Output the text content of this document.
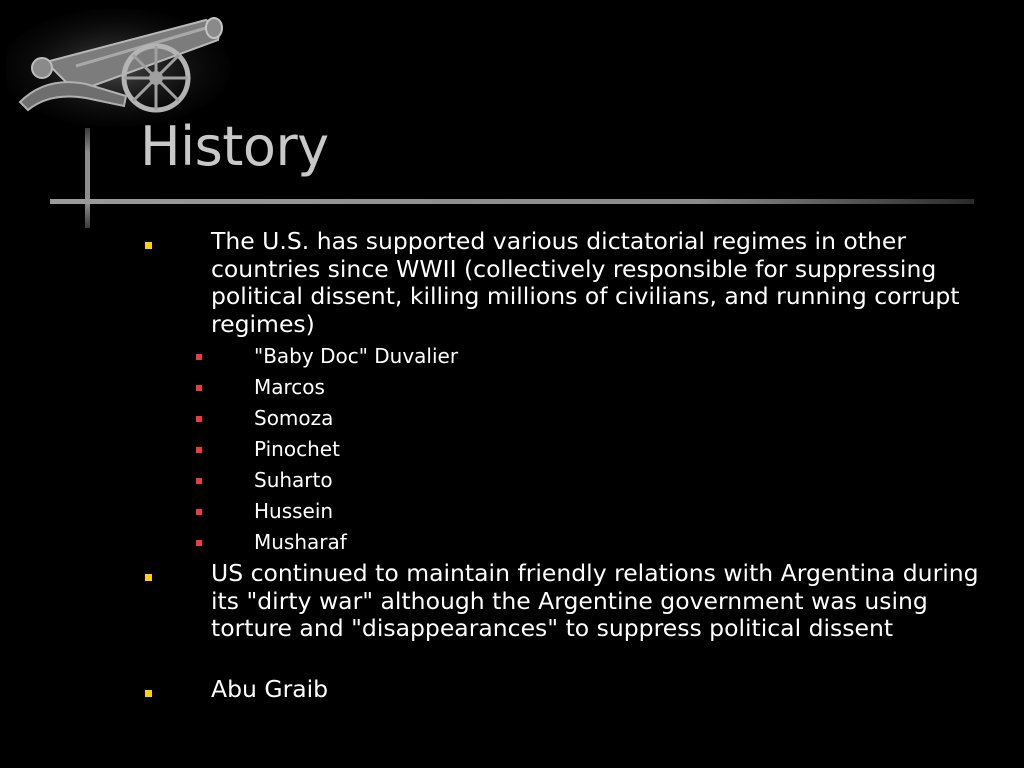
History
The U.S. has supported various dictatorial regimes in other countries since WWII (collectively responsible for suppressing political dissent, killing millions of civilians, and running corrupt regimes)
"Baby Doc" Duvalier
Marcos
Somoza
Pinochet
Suharto
Hussein
Musharaf
US continued to maintain friendly relations with Argentina during its "dirty war" although the Argentine government was using torture and "disappearances" to suppress political dissent
Abu Graib
